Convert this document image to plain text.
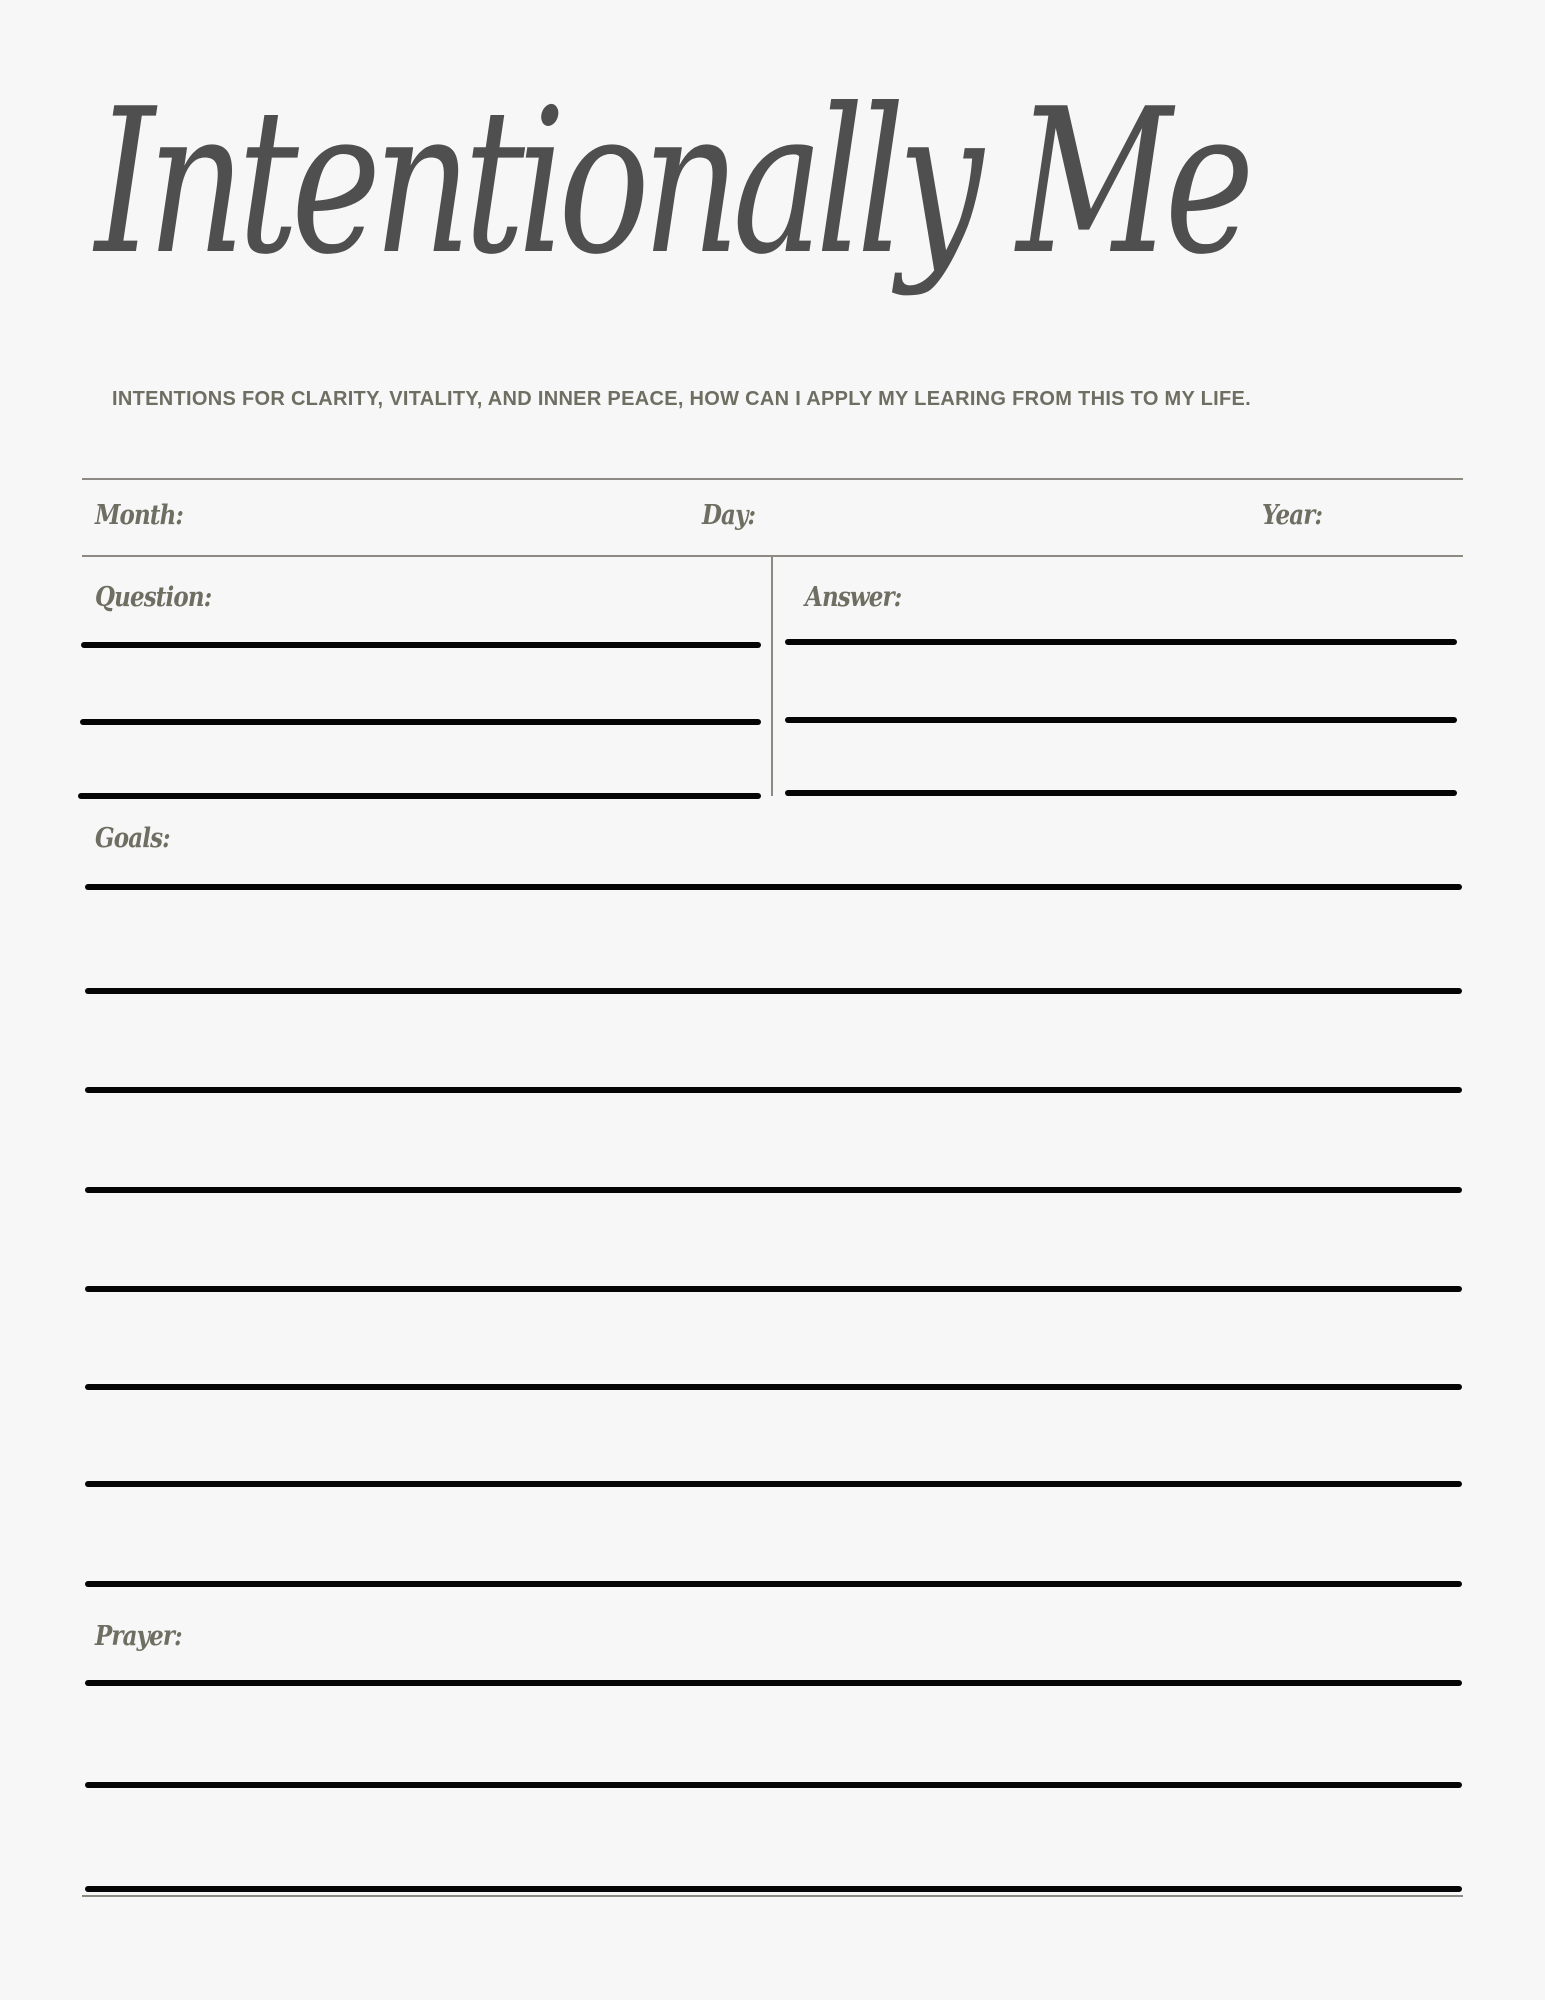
Intentionally Me

INTENTIONS FOR CLARITY, VITALITY, AND INNER PEACE, HOW CAN I APPLY MY LEARING FROM THIS TO MY LIFE.

Month:	Day:	Year:
Question:	Answer:
Goals:
Prayer:
